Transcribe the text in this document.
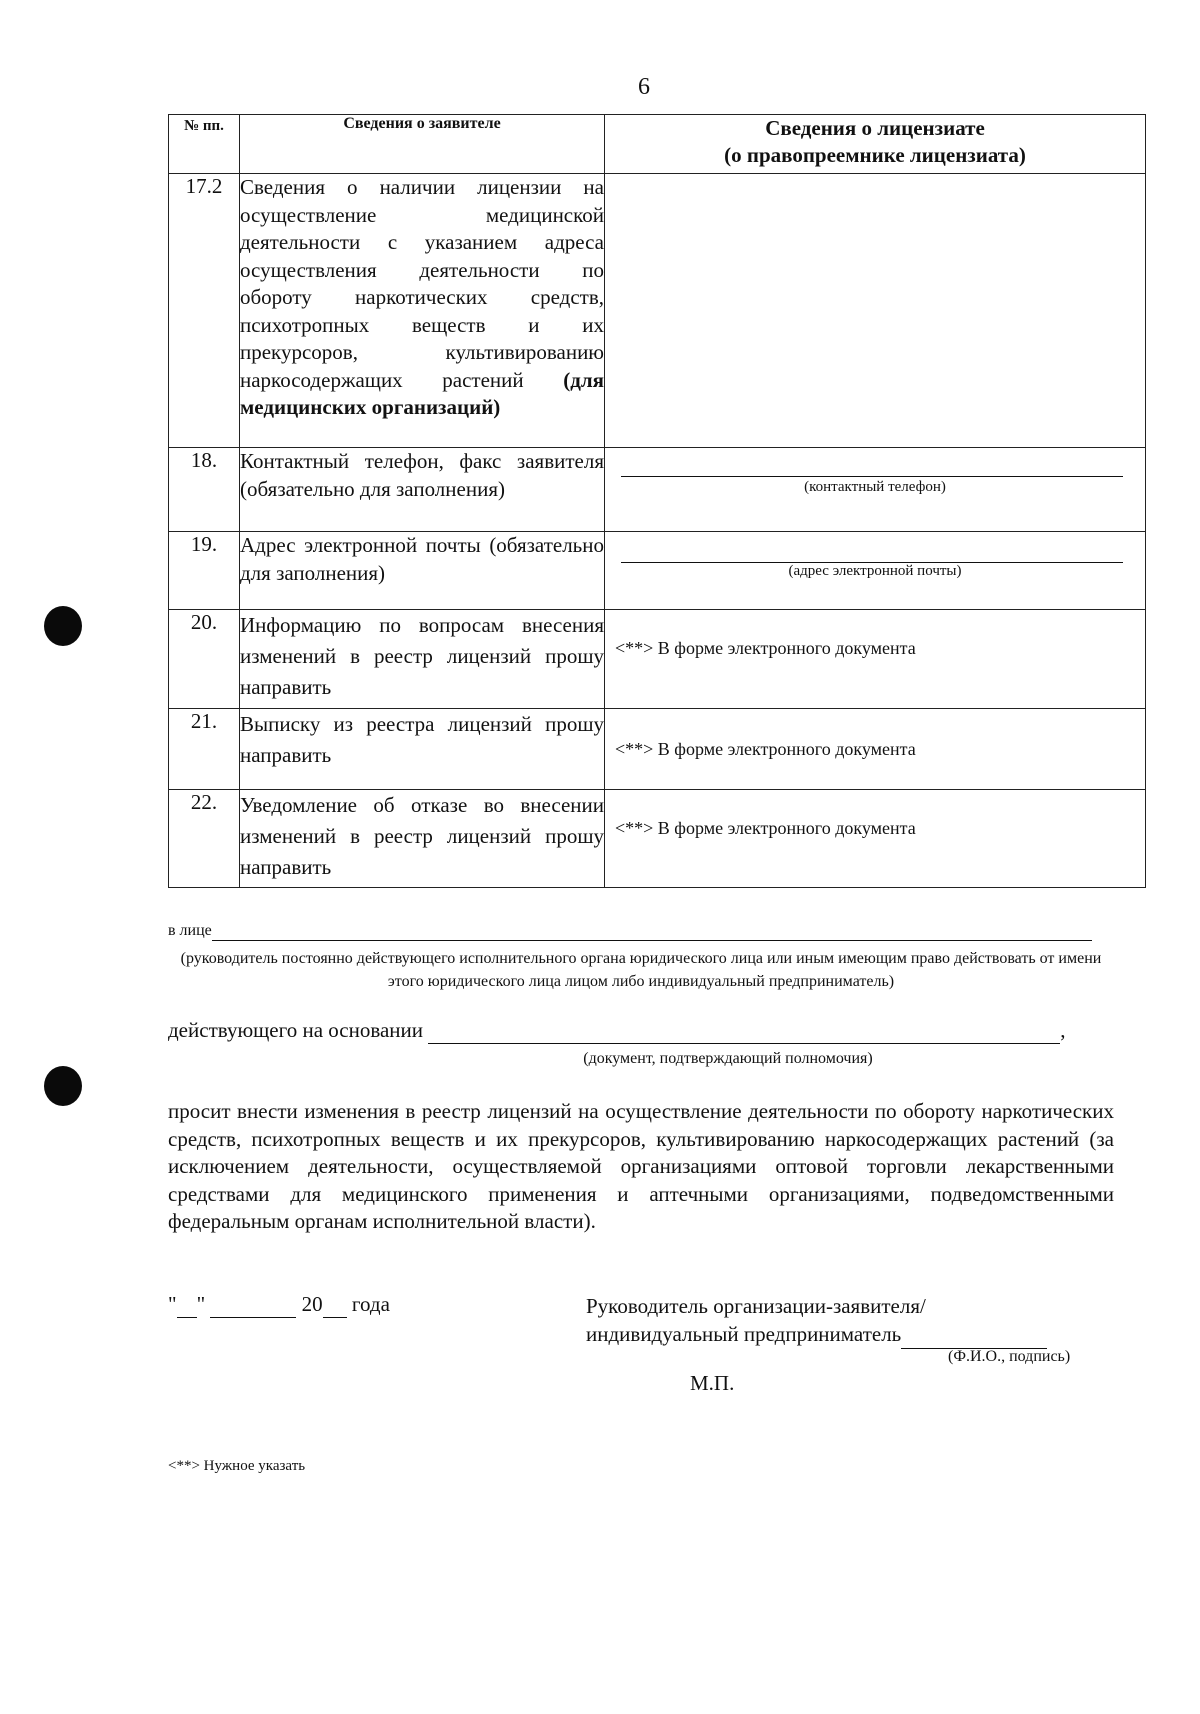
6
№ пп.	Сведения о заявителе	Сведения о лицензиате
(о правопреемнике лицензиата)

17.2	Сведения о наличии лицензии на осуществление медицинской деятельности с указанием адреса осуществления деятельности по обороту наркотических средств, психотропных веществ и их прекурсоров, культивированию наркосодержащих растений (для медицинских организаций)	
18.	Контактный телефон, факс заявителя (обязательно для заполнения)	(контактный телефон)

19.	Адрес электронной почты (обязательно для заполнения)	(адрес электронной почты)

20.	Информацию по вопросам внесения изменений в реестр лицензий прошу направить	<**> В форме электронного документа

21.	Выписку из реестра лицензий прошу направить	<**> В форме электронного документа

22.	Уведомление об отказе во внесении изменений в реестр лицензий прошу направить	<**> В форме электронного документа
в лице
(руководитель постоянно действующего исполнительного органа юридического лица или иным имеющим право действовать от имени этого юридического лица лицом либо индивидуальный предприниматель)
действующего на основании	,
(документ, подтверждающий полномочия)
просит внести изменения в реестр лицензий на осуществление деятельности по обороту наркотических средств, психотропных веществ и их прекурсоров, культивированию наркосодержащих растений (за исключением деятельности, осуществляемой организациями оптовой торговли лекарственными средствами для медицинского применения и аптечными организациями, подведомственными федеральным органам исполнительной власти).
" "	20 года	Руководитель организации-заявителя/
индивидуальный предприниматель
(Ф.И.О., подпись)
М.П.
<**> Нужное указать
